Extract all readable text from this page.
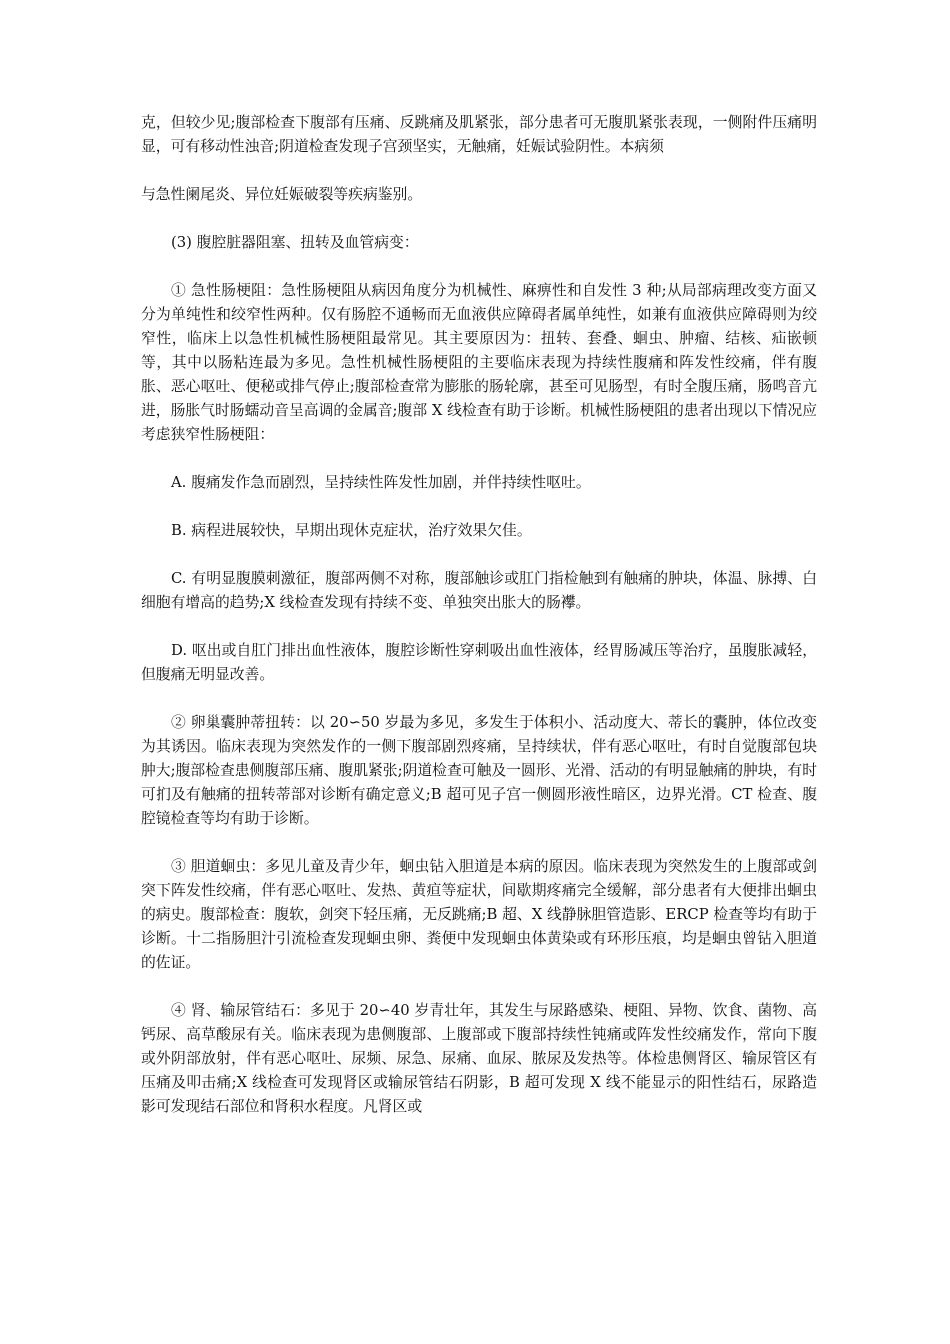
克，但较少见;腹部检查下腹部有压痛、反跳痛及肌紧张，部分患者可无腹肌紧张表现，一侧附件压痛明显，可有移动性浊音;阴道检查发现子宫颈坚实，无触痛，妊娠试验阴性。本病须

与急性阑尾炎、异位妊娠破裂等疾病鉴别。

(3) 腹腔脏器阻塞、扭转及血管病变：

① 急性肠梗阻：急性肠梗阻从病因角度分为机械性、麻痹性和自发性 3 种;从局部病理改变方面又分为单纯性和绞窄性两种。仅有肠腔不通畅而无血液供应障碍者属单纯性，如兼有血液供应障碍则为绞窄性，临床上以急性机械性肠梗阻最常见。其主要原因为：扭转、套叠、蛔虫、肿瘤、结核、疝嵌顿等，其中以肠粘连最为多见。急性机械性肠梗阻的主要临床表现为持续性腹痛和阵发性绞痛，伴有腹胀、恶心呕吐、便秘或排气停止;腹部检查常为膨胀的肠轮廓，甚至可见肠型，有时全腹压痛，肠鸣音亢进，肠胀气时肠蠕动音呈高调的金属音;腹部 X 线检查有助于诊断。机械性肠梗阻的患者出现以下情况应考虑狭窄性肠梗阻：

A. 腹痛发作急而剧烈，呈持续性阵发性加剧，并伴持续性呕吐。

B. 病程进展较快，早期出现休克症状，治疗效果欠佳。

C. 有明显腹膜刺激征，腹部两侧不对称，腹部触诊或肛门指检触到有触痛的肿块，体温、脉搏、白细胞有增高的趋势;X 线检查发现有持续不变、单独突出胀大的肠襻。

D. 呕出或自肛门排出血性液体，腹腔诊断性穿刺吸出血性液体，经胃肠减压等治疗，虽腹胀减轻，但腹痛无明显改善。

② 卵巢囊肿蒂扭转：以 20∽50 岁最为多见，多发生于体积小、活动度大、蒂长的囊肿，体位改变为其诱因。临床表现为突然发作的一侧下腹部剧烈疼痛，呈持续状，伴有恶心呕吐，有时自觉腹部包块肿大;腹部检查患侧腹部压痛、腹肌紧张;阴道检查可触及一圆形、光滑、活动的有明显触痛的肿块，有时可扪及有触痛的扭转蒂部对诊断有确定意义;B 超可见子宫一侧圆形液性暗区，边界光滑。CT 检查、腹腔镜检查等均有助于诊断。

③ 胆道蛔虫：多见儿童及青少年，蛔虫钻入胆道是本病的原因。临床表现为突然发生的上腹部或剑突下阵发性绞痛，伴有恶心呕吐、发热、黄疸等症状，间歇期疼痛完全缓解，部分患者有大便排出蛔虫的病史。腹部检查：腹软，剑突下轻压痛，无反跳痛;B 超、X 线静脉胆管造影、ERCP 检查等均有助于诊断。十二指肠胆汁引流检查发现蛔虫卵、粪便中发现蛔虫体黄染或有环形压痕，均是蛔虫曾钻入胆道的佐证。

④ 肾、输尿管结石：多见于 20∽40 岁青壮年，其发生与尿路感染、梗阻、异物、饮食、菌物、高钙尿、高草酸尿有关。临床表现为患侧腹部、上腹部或下腹部持续性钝痛或阵发性绞痛发作，常向下腹或外阴部放射，伴有恶心呕吐、尿频、尿急、尿痛、血尿、脓尿及发热等。体检患侧肾区、输尿管区有压痛及叩击痛;X 线检查可发现肾区或输尿管结石阴影，B 超可发现 X 线不能显示的阳性结石，尿路造影可发现结石部位和肾积水程度。凡肾区或
